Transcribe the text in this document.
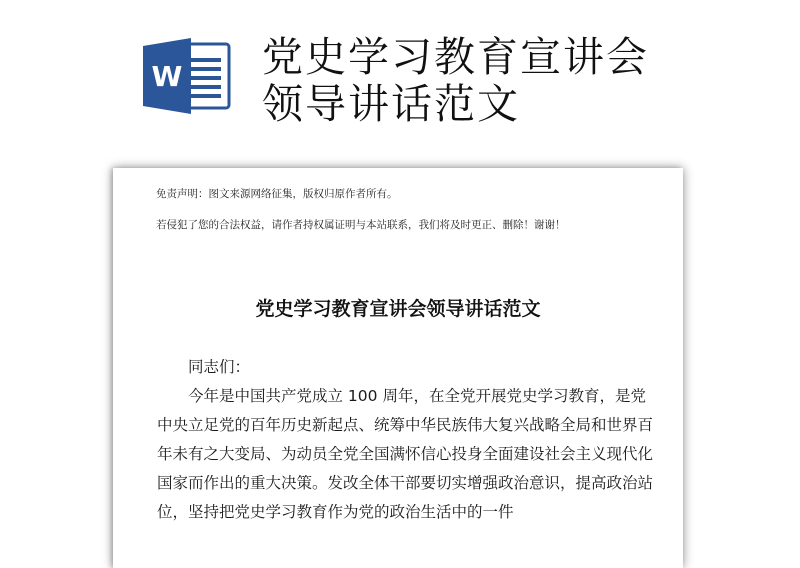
W 党史学习教育宣讲会
领导讲话范文

免责声明：图文来源网络征集，版权归原作者所有。

若侵犯了您的合法权益，请作者持权属证明与本站联系，我们将及时更正、删除！谢谢！

党史学习教育宣讲会领导讲话范文

同志们：

今年是中国共产党成立 100 周年，在全党开展党史学习教育，是党中央立足党的百年历史新起点、统筹中华民族伟大复兴战略全局和世界百年未有之大变局、为动员全党全国满怀信心投身全面建设社会主义现代化国家而作出的重大决策。发改全体干部要切实增强政治意识，提高政治站位，坚持把党史学习教育作为党的政治生活中的一件
